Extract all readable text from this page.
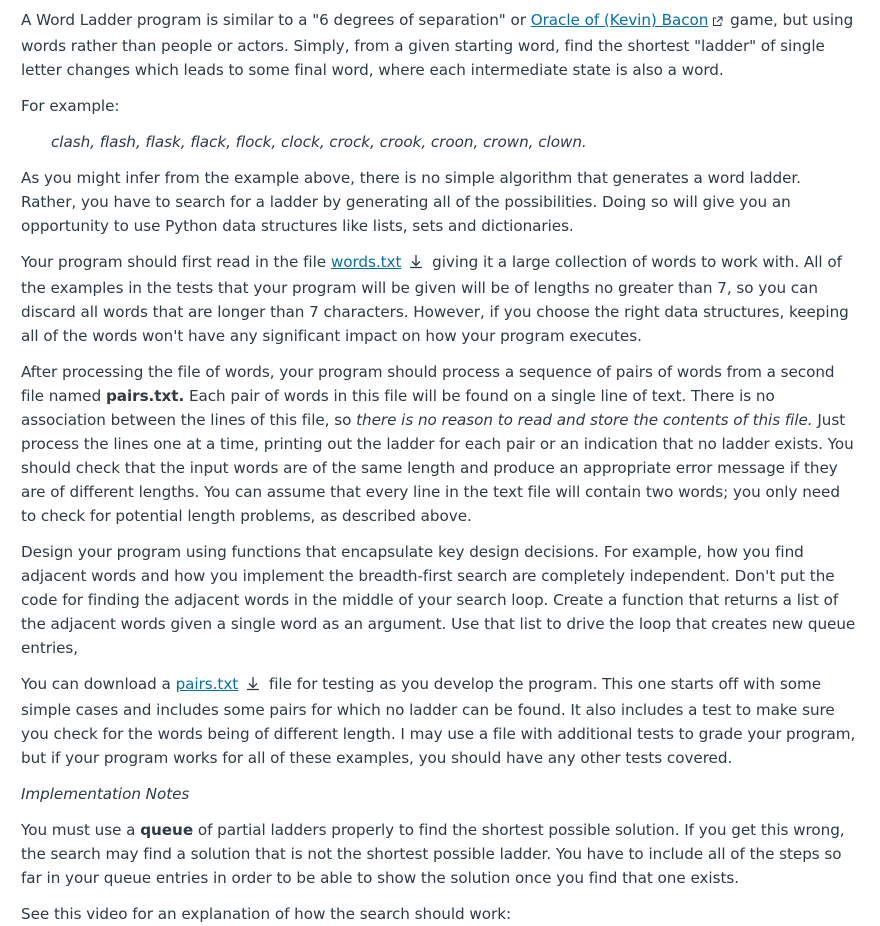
A Word Ladder program is similar to a "6 degrees of separation" or Oracle of (Kevin) Bacon game, but using words rather than people or actors. Simply, from a given starting word, find the shortest "ladder" of single letter changes which leads to some final word, where each intermediate state is also a word.

For example:

clash, flash, flask, flack, flock, clock, crock, crook, croon, crown, clown.

As you might infer from the example above, there is no simple algorithm that generates a word ladder. Rather, you have to search for a ladder by generating all of the possibilities. Doing so will give you an opportunity to use Python data structures like lists, sets and dictionaries.

Your program should first read in the file words.txt giving it a large collection of words to work with. All of the examples in the tests that your program will be given will be of lengths no greater than 7, so you can discard all words that are longer than 7 characters. However, if you choose the right data structures, keeping all of the words won't have any significant impact on how your program executes.

After processing the file of words, your program should process a sequence of pairs of words from a second file named pairs.txt. Each pair of words in this file will be found on a single line of text. There is no association between the lines of this file, so there is no reason to read and store the contents of this file. Just process the lines one at a time, printing out the ladder for each pair or an indication that no ladder exists. You should check that the input words are of the same length and produce an appropriate error message if they are of different lengths. You can assume that every line in the text file will contain two words; you only need to check for potential length problems, as described above.

Design your program using functions that encapsulate key design decisions. For example, how you find adjacent words and how you implement the breadth-first search are completely independent. Don't put the code for finding the adjacent words in the middle of your search loop. Create a function that returns a list of the adjacent words given a single word as an argument. Use that list to drive the loop that creates new queue entries,

You can download a pairs.txt file for testing as you develop the program. This one starts off with some simple cases and includes some pairs for which no ladder can be found. It also includes a test to make sure you check for the words being of different length. I may use a file with additional tests to grade your program, but if your program works for all of these examples, you should have any other tests covered.

Implementation Notes

You must use a queue of partial ladders properly to find the shortest possible solution. If you get this wrong, the search may find a solution that is not the shortest possible ladder. You have to include all of the steps so far in your queue entries in order to be able to show the solution once you find that one exists.

See this video for an explanation of how the search should work:
